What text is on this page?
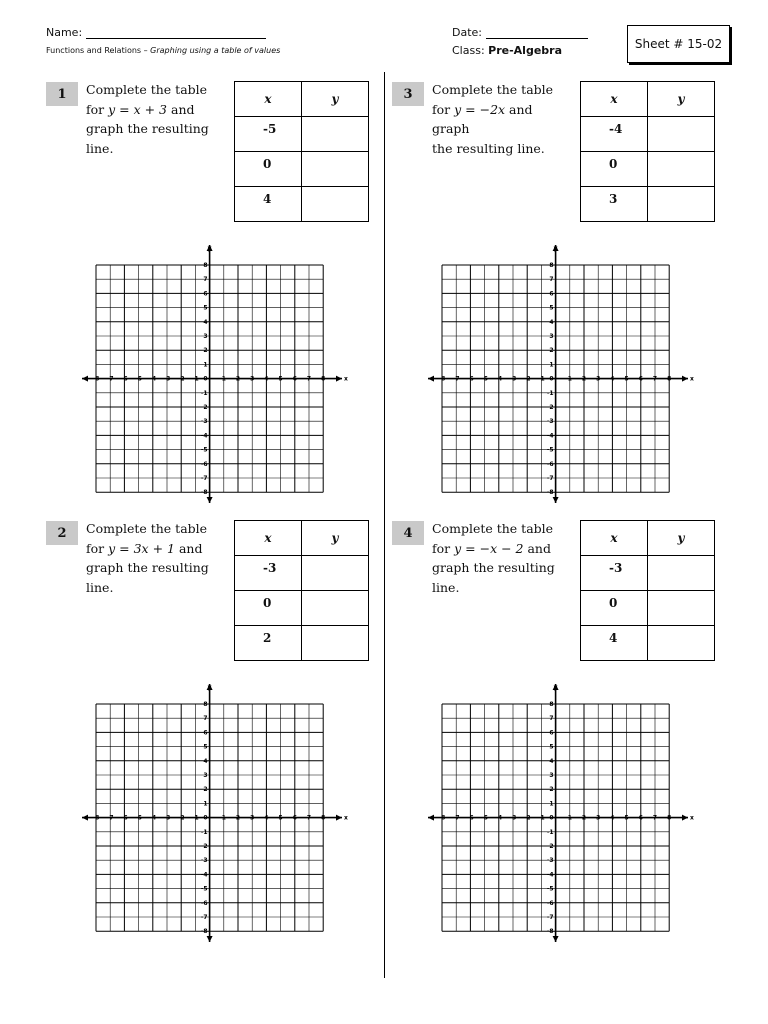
Name:
Functions and Relations – Graphing using a table of values
Date:
Class: Pre-Algebra	Sheet # 15-02
1	Complete the table
for y = x + 3 and
graph the resulting
line.
x	y
-5	
0	
4	
x
y
-8 -7 -6 -5 -4 -3 -2 -1	1 2 3 4 5 6 7 8
8
7
6
5
4
3
2
1
-1
-2
-3
-4
-5
-6
-7
-8
0
3	Complete the table
for y = −2x and graph
the resulting line.
x	y
-4	
0	
3	
x
y
-8 -7 -6 -5 -4 -3 -2 -1	1 2 3 4 5 6 7 8
8
7
6
5
4
3
2
1
-1
-2
-3
-4
-5
-6
-7
-8
0
2	Complete the table
for y = 3x + 1 and
graph the resulting
line.
x	y
-3	
0	
2	
x
y
-8 -7 -6 -5 -4 -3 -2 -1	1 2 3 4 5 6 7 8
8
7
6
5
4
3
2
1
-1
-2
-3
-4
-5
-6
-7
-8
0
4	Complete the table
for y = −x − 2 and
graph the resulting
line.
x	y
-3	
0	
4	
x
y
-8 -7 -6 -5 -4 -3 -2 -1	1 2 3 4 5 6 7 8
8
7
6
5
4
3
2
1
-1
-2
-3
-4
-5
-6
-7
-8
0
